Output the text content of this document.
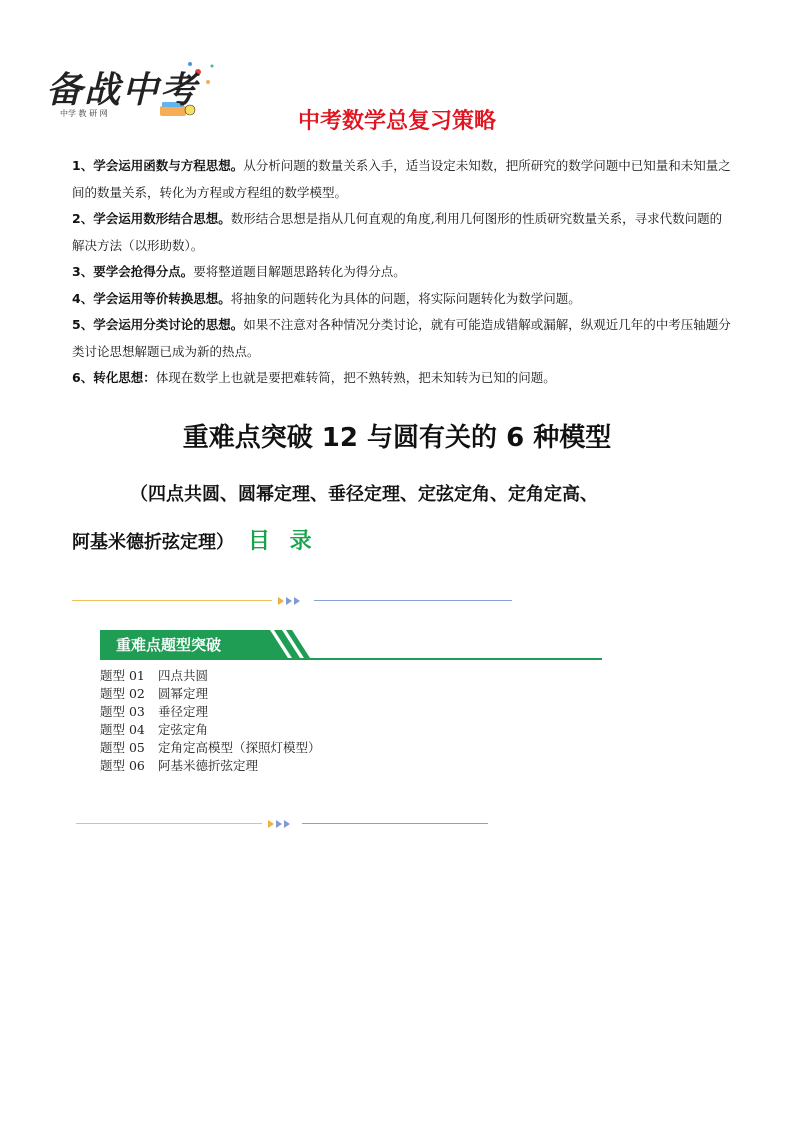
备战中考
中学 教 研 网	中考数学总复习策略

1、学会运用函数与方程思想。从分析问题的数量关系入手，适当设定未知数，把所研究的数学问题中已知量和未知量之间的数量关系，转化为方程或方程组的数学模型。

2、学会运用数形结合思想。数形结合思想是指从几何直观的角度,利用几何图形的性质研究数量关系，寻求代数问题的解决方法（以形助数）。

3、要学会抢得分点。要将整道题目解题思路转化为得分点。

4、学会运用等价转换思想。将抽象的问题转化为具体的问题，将实际问题转化为数学问题。

5、学会运用分类讨论的思想。如果不注意对各种情况分类讨论，就有可能造成错解或漏解，纵观近几年的中考压轴题分类讨论思想解题已成为新的热点。

6、转化思想：体现在数学上也就是要把难转简，把不熟转熟，把未知转为已知的问题。

重难点突破 12 与圆有关的 6 种模型
（四点共圆、圆幂定理、垂径定理、定弦定角、定角定高、
阿基米德折弦定理） 目 录
重难点题型突破
题型 01 四点共圆
题型 02 圆幂定理
题型 03 垂径定理
题型 04 定弦定角
题型 05 定角定高模型（探照灯模型）
题型 06 阿基米德折弦定理
